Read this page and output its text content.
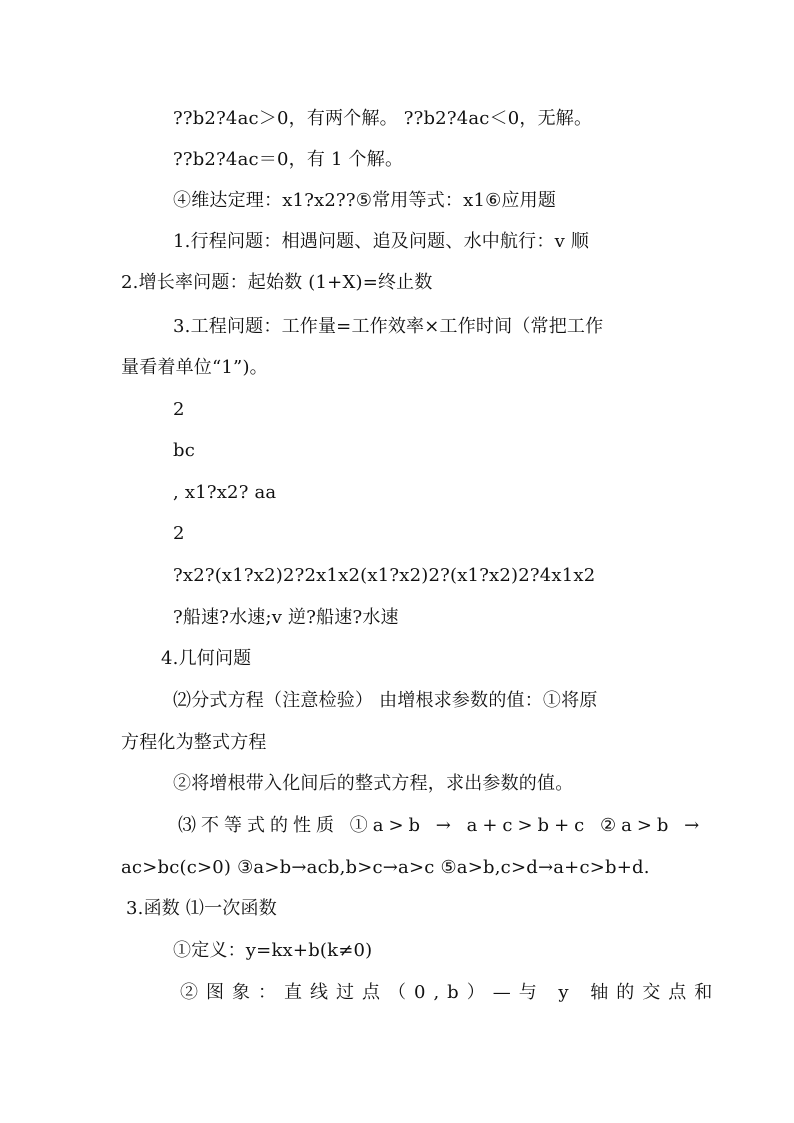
??b2?4ac＞0，有两个解。 ??b2?4ac＜0，无解。
??b2?4ac＝0，有 1 个解。
④维达定理：x1?x2??⑤常用等式：x1⑥应用题
1.行程问题：相遇问题、追及问题、水中航行：v 顺
2.增长率问题：起始数 (1+X)=终止数
3.工程问题：工作量=工作效率×工作时间（常把工作
量看着单位“1”)。
2
bc
, x1?x2? aa
2
?x2?(x1?x2)2?2x1x2(x1?x2)2?(x1?x2)2?4x1x2
?船速?水速;v 逆?船速?水速
4.几何问题
⑵分式方程（注意检验） 由增根求参数的值：①将原
方程化为整式方程
②将增根带入化间后的整式方程，求出参数的值。
⑶不等式的性质 ①a>b → a+c>b+c ②a>b →
ac>bc(c>0) ③a>b→acb,b>c→a>c ⑤a>b,c>d→a+c>b+d.
3.函数 ⑴一次函数
①定义：y=kx+b(k≠0)
②图象：直线过点（0,b）—与 y 轴的交点和
